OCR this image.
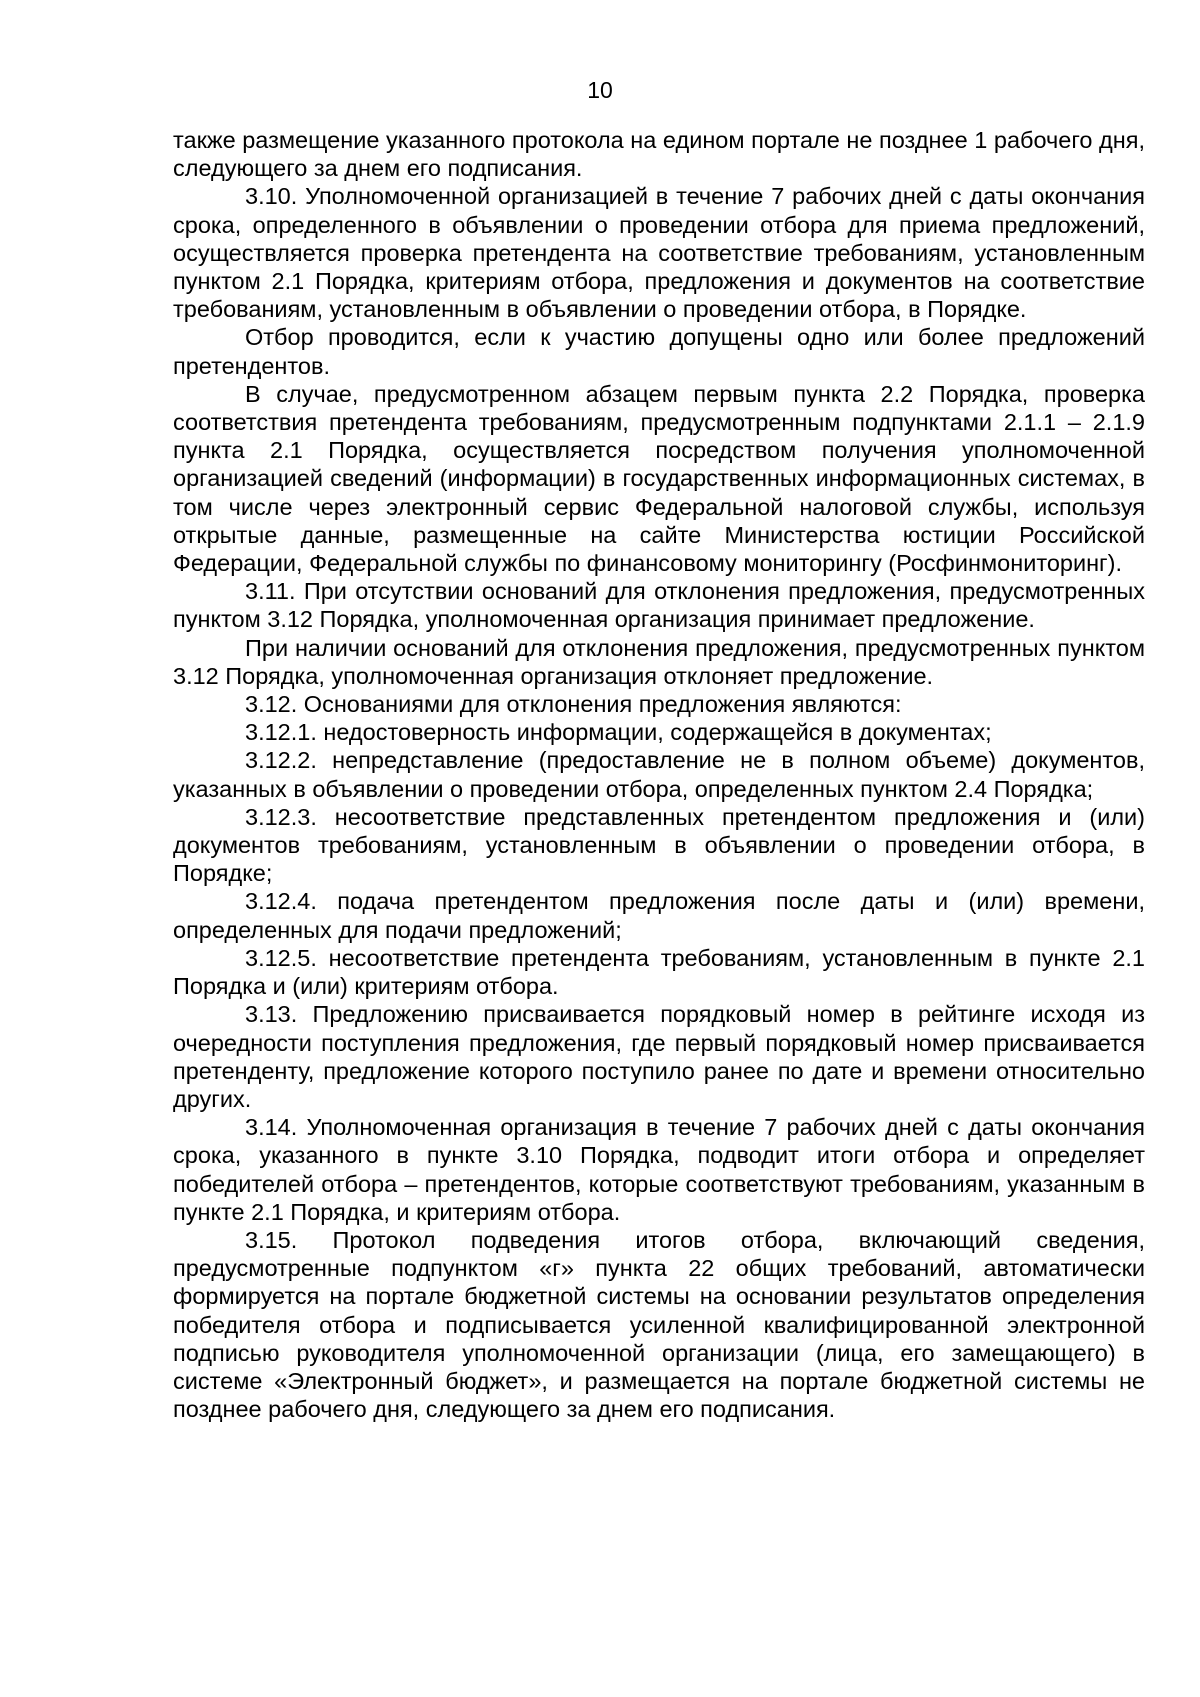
10

также размещение указанного протокола на едином портале не позднее 1 рабочего дня, следующего за днем его подписания.

3.10. Уполномоченной организацией в течение 7 рабочих дней с даты окончания срока, определенного в объявлении о проведении отбора для приема предложений, осуществляется проверка претендента на соответствие требованиям, установленным пунктом 2.1 Порядка, критериям отбора, предложения и документов на соответствие требованиям, установленным в объявлении о проведении отбора, в Порядке.

Отбор проводится, если к участию допущены одно или более предложений претендентов.

В случае, предусмотренном абзацем первым пункта 2.2 Порядка, проверка соответствия претендента требованиям, предусмотренным подпунктами 2.1.1 – 2.1.9 пункта 2.1 Порядка, осуществляется посредством получения уполномоченной организацией сведений (информации) в государственных информационных системах, в том числе через электронный сервис Федеральной налоговой службы, используя открытые данные, размещенные на сайте Министерства юстиции Российской Федерации, Федеральной службы по финансовому мониторингу (Росфинмониторинг).

3.11. При отсутствии оснований для отклонения предложения, предусмотренных пунктом 3.12 Порядка, уполномоченная организация принимает предложение.

При наличии оснований для отклонения предложения, предусмотренных пунктом 3.12 Порядка, уполномоченная организация отклоняет предложение.

3.12. Основаниями для отклонения предложения являются:

3.12.1. недостоверность информации, содержащейся в документах;

3.12.2. непредставление (предоставление не в полном объеме) документов, указанных в объявлении о проведении отбора, определенных пунктом 2.4 Порядка;

3.12.3. несоответствие представленных претендентом предложения и (или) документов требованиям, установленным в объявлении о проведении отбора, в Порядке;

3.12.4. подача претендентом предложения после даты и (или) времени, определенных для подачи предложений;

3.12.5. несоответствие претендента требованиям, установленным в пункте 2.1 Порядка и (или) критериям отбора.

3.13. Предложению присваивается порядковый номер в рейтинге исходя из очередности поступления предложения, где первый порядковый номер присваивается претенденту, предложение которого поступило ранее по дате и времени относительно других.

3.14. Уполномоченная организация в течение 7 рабочих дней с даты окончания срока, указанного в пункте 3.10 Порядка, подводит итоги отбора и определяет победителей отбора – претендентов, которые соответствуют требованиям, указанным в пункте 2.1 Порядка, и критериям отбора.

3.15. Протокол подведения итогов отбора, включающий сведения, предусмотренные подпунктом «г» пункта 22 общих требований, автоматически формируется на портале бюджетной системы на основании результатов определения победителя отбора и подписывается усиленной квалифицированной электронной подписью руководителя уполномоченной организации (лица, его замещающего) в системе «Электронный бюджет», и размещается на портале бюджетной системы не позднее рабочего дня, следующего за днем его подписания.
